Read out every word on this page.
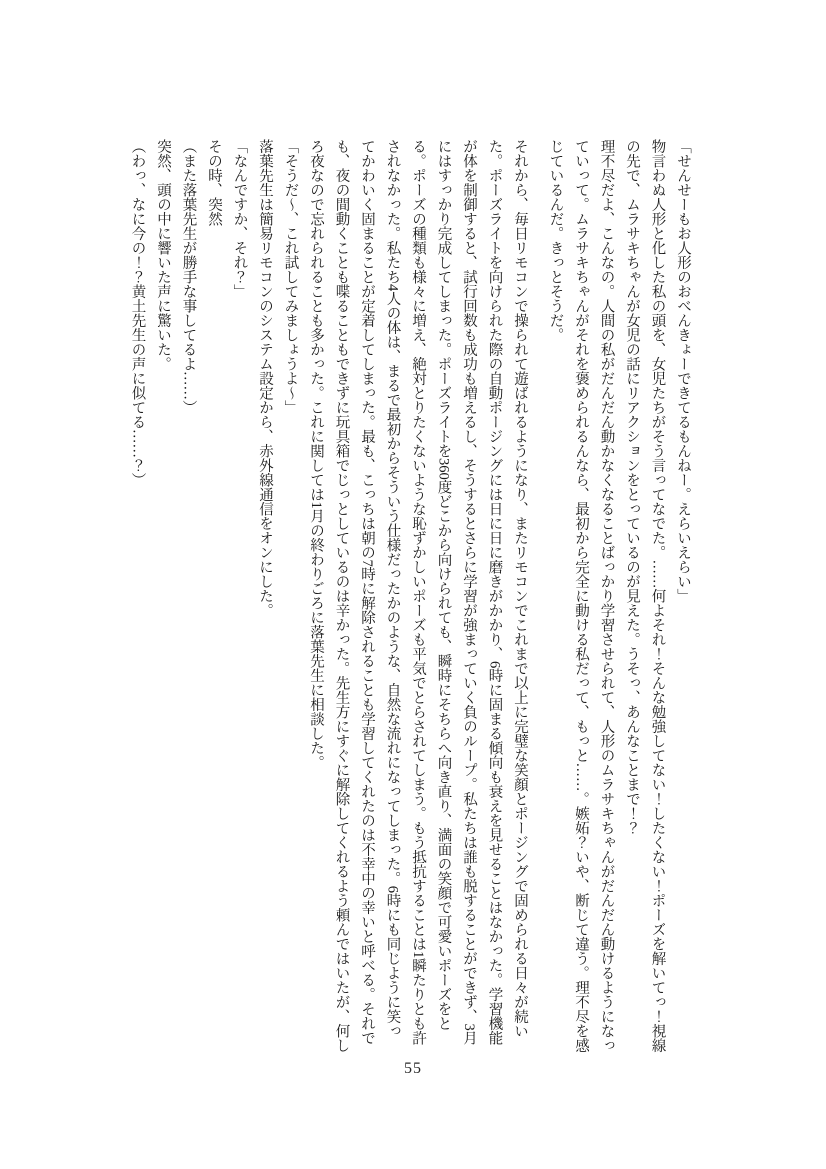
「せんせーもお人形のおべんきょーできてるもんねー。えらいえらい」
物言わぬ人形と化した私の頭を、女児たちがそう言ってなでた。……何よそれ！そんな勉強してない！したくない！ポーズを解いてっ！視線
の先で、ムラサキちゃんが女児の話にリアクションをとっているのが見えた。うそっ、あんなことまで！？
理不尽だよ、こんなの。人間の私がだんだん動かなくなることばっかり学習させられて、人形のムラサキちゃんがだんだん動けるようになっ
ていって。ムラサキちゃんがそれを褒められるんなら、最初から完全に動ける私だって、もっと……。嫉妬？いや、断じて違う。理不尽を感
じているんだ。きっとそうだ。
それから、毎日リモコンで操られて遊ばれるようになり、またリモコンでこれまで以上に完璧な笑顔とポージングで固められる日々が続い
た。ポーズライトを向けられた際の自動ポージングには日に日に磨きがかかり、6時に固まる傾向も衰えを見せることはなかった。学習機能
が体を制御すると、試行回数も成功も増えるし、そうするとさらに学習が強まっていく負のループ。私たちは誰も脱することができず、3月
にはすっかり完成してしまった。ポーズライトを360度どこから向けられても、瞬時にそちらへ向き直り、満面の笑顔で可愛いポーズをと
る。ポーズの種類も様々に増え、絶対とりたくないような恥ずかしいポーズも平気でとらされてしまう。もう抵抗することは1瞬たりとも許
されなかった。私たち4人の体は、まるで最初からそういう仕様だったかのような、自然な流れになってしまった。6時にも同じように笑っ
てかわいく固まることが定着してしまった。最も、こっちは朝の7時に解除されることも学習してくれたのは不幸中の幸いと呼べる。それで
も、夜の間動くことも喋ることもできずに玩具箱でじっとしているのは辛かった。先生方にすぐに解除してくれるよう頼んではいたが、何し
ろ夜なので忘れられることも多かった。これに関しては1月の終わりごろに落葉先生に相談した。
「そうだ〜、これ試してみましょうよ〜」
落葉先生は簡易リモコンのシステム設定から、赤外線通信をオンにした。
「なんですか、それ？」
その時、突然
（また落葉先生が勝手な事してるよ……）
突然、頭の中に響いた声に驚いた。
（わっ、なに今の！？黄土先生の声に似てる……？）
55
